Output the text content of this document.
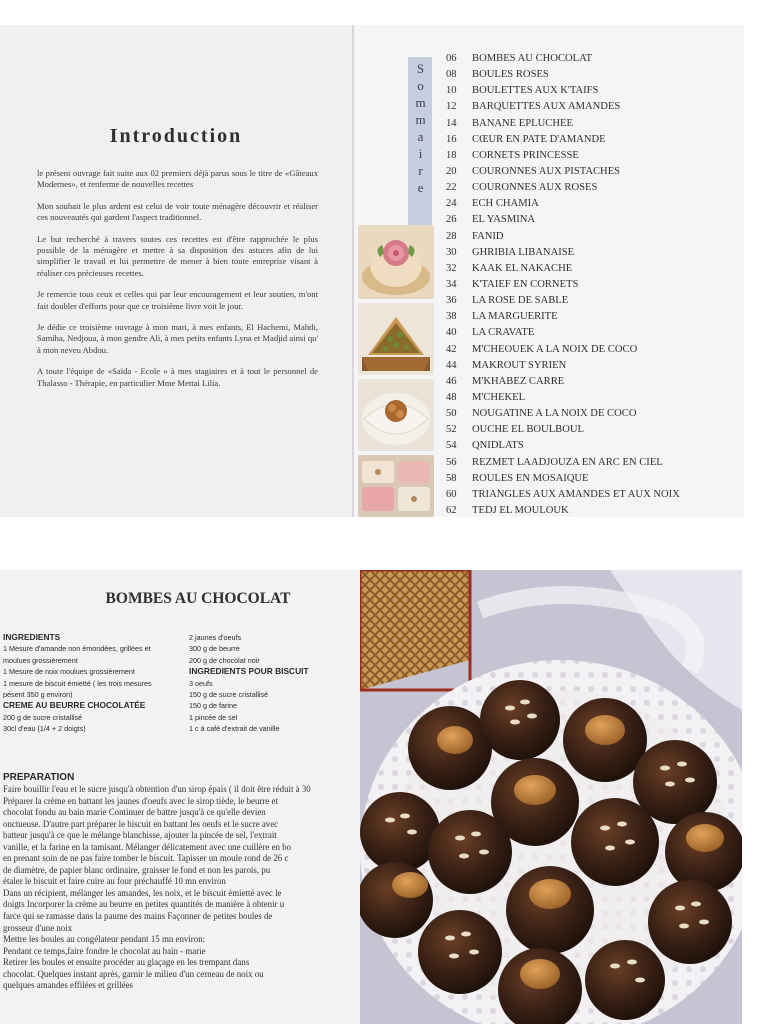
Introduction

le présent ouvrage fait suite aux 02 premiers déjà parus sous le titre de «Gâteaux Modernes», et renferme de nouvelles recettes

Mon souhait le plus ardent est celui de voir toute ménagère découvrir et réaliser ces nouveautés qui gardent l'aspect traditionnel.

Le but recherché à travers toutes ces recettes est d'être rapprochée le plus possible de la ménagère et mettre à sa disposition des astuces afin de lui simplifier le travail et lui permettre de mener à bien toute entreprise visant à réaliser ces précieuses recettes.

Je remercie tous ceux et celles qui par leur encouragement et leur soutien, m'ont fait doubler d'efforts pour que ce troisième livre voit le jour.

Je dédie ce troisième ouvrage à mon mari, à mes enfants, El Hachemi, Mahdi, Samiha, Nedjoua, à mon gendre Ali, à mes petits enfants Lyna et Madjid ainsi qu' à mon neveu Abdou.

A toute l'équipe de «Saïda - Ecole » à mes stagiaires et à tout le personnel de Thalasso - Thérapie, en particulier Mme Mettai Lilia.

Sommaire
06 BOMBES AU CHOCOLAT
08 BOULES ROSES
10 BOULETTES AUX K'TAIFS
12 BARQUETTES AUX AMANDES
14 BANANE EPLUCHEE
16 CŒUR EN PATE D'AMANDE
18 CORNETS PRINCESSE
20 COURONNES AUX PISTACHES
22 COURONNES AUX ROSES
24 ECH CHAMIA
26 EL YASMINA
28 FANID
30 GHRIBIA LIBANAISE
32 KAAK EL NAKACHE
34 K'TAIEF EN CORNETS
36 LA ROSE DE SABLE
38 LA MARGUERITE
40 LA CRAVATE
42 M'CHEOUEK A LA NOIX DE COCO
44 MAKROUT SYRIEN
46 M'KHABEZ CARRE
48 M'CHEKEL
50 NOUGATINE A LA NOIX DE COCO
52 OUCHE EL BOULBOUL
54 QNIDLATS
56 REZMET LAADJOUZA EN ARC EN CIEL
58 ROULES EN MOSAIQUE
60 TRIANGLES AUX AMANDES ET AUX NOIX
62 TEDJ EL MOULOUK
BOMBES AU CHOCOLAT
INGREDIENTS
1 Mesure d'amande non émondées, grillées et
moulues grossièrement
1 Mesure de noix moulues grossièrement
1 mesure de biscuit émietté ( les trois mesures
pésent 350 g environ)
CREME AU BEURRE CHOCOLATÉE
200 g de sucre cristallisé
30cl d'eau (1/4 + 2 doigts)
2 jaunes d'oeufs
300 g de beurre
200 g de chocolat noir
INGREDIENTS POUR BISCUIT
3 oeufs
150 g de sucre cristallisé
150 g de farine
1 pincée de sel
1 c à café d'extrait de vanille
PREPARATION
Faire bouillir l'eau et le sucre jusqu'à obtention d'un sirop épais ( il doit être réduit à 30
Préparer la crème en battant les jaunes d'oeufs avec le sirop tiède, le beurre et
chocolat fondu au bain marie Continuer de battre jusqu'à ce qu'elle devien
onctueuse. D'autre part préparer le biscuit en battant les oeufs et le sucre avec
batteur jusqu'à ce que le mélange blanchisse, ajouter la pincée de sel, l'extrait
vanille, et la farine en la tamisant. Mélanger délicatement avec une cuillère en bo
en prenant soin de ne pas faire tomber le biscuit. Tapisser un moule rond de 26 c
de diamètre, de papier blanc ordinaire, graisser le fond et non les parois, pu
étaler le biscuit et faire cuire au four préchauffé 10 mn environ
Dans un récipient, mélanger les amandes, les noix, et le biscuit émietté avec le
doigts Incorporer la crème au beurre en petites quantités de manière à obtenir u
farce qui se ramasse dans la paume des mains Façonner de petites boules de
grosseur d'une noix
Mettre les boules au congélateur pendant 15 mn environ:
Pendant ce temps,faire fondre le chocolat au bain - marie
Retirer les boules et ensuite procéder au glaçage en les trempant dans
chocolat. Quelques instant après, garnir le milieu d'un cerneau de noix ou
quelques amandes effilées et grillées
